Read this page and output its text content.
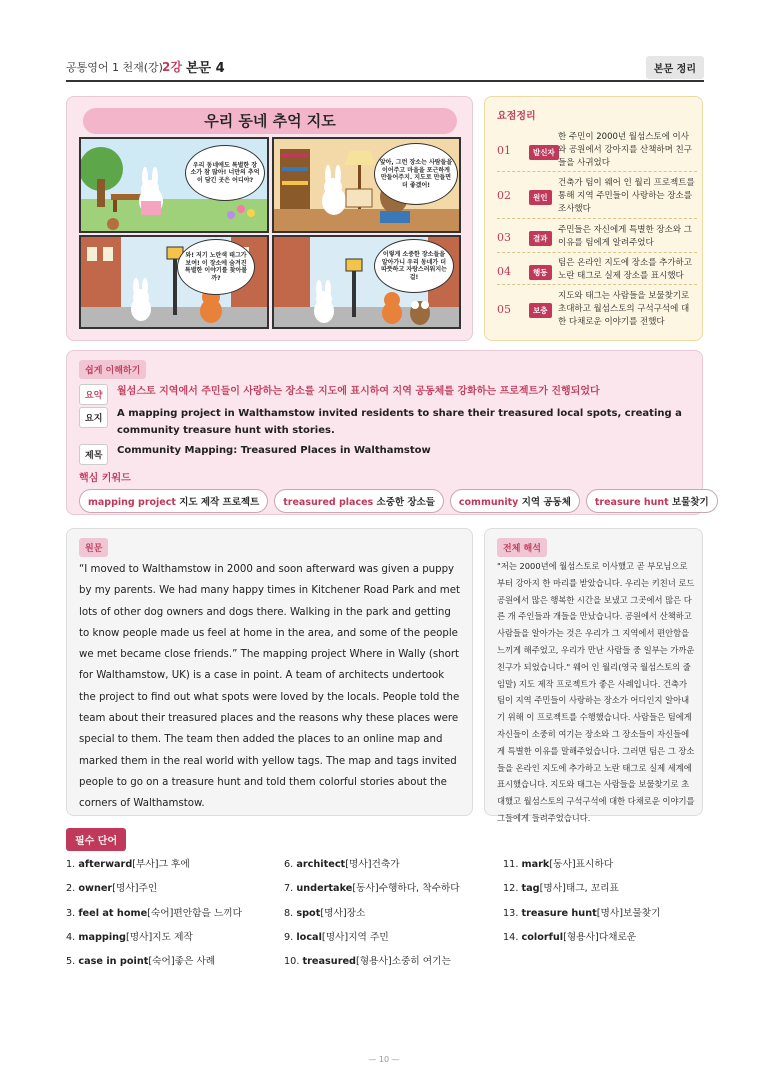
공통영어 1 천재(강) 2강 본문 4	본문 정리
우리 동네 추억 지도
우리 동네에도 특별한 장소가 참 많아! 너만의 추억이 담긴 곳은 어디야?
앞아, 그런 장소는 사람들을 이어주고 마을을 포근하게 만들어주지. 지도로 만들면 더 좋겠어!
와! 저기 노란색 태그가 보여! 이 장소에 숨겨진 특별한 이야기를 찾아볼까?
이렇게 소중한 장소들을 알아가니 우리 동네가 더 따뜻하고 자랑스러워지는걸!
요점정리
01	발신자
한 주민이 2000년 월섬스토에 이사 와 공원에서 강아지를 산책하며 친구들을 사귀었다
02	원인
건축가 팀이 웨어 인 월리 프로젝트를 통해 지역 주민들이 사랑하는 장소를 조사했다
03	결과
주민들은 자신에게 특별한 장소와 그 이유를 팀에게 알려주었다
04	행동
팀은 온라인 지도에 장소를 추가하고 노란 태그로 실제 장소를 표시했다
05	보충
지도와 태그는 사람들을 보물찾기로 초대하고 월섬스토의 구석구석에 대한 다채로운 이야기를 전했다
쉽게 이해하기
요약	월섬스토 지역에서 주민들이 사랑하는 장소를 지도에 표시하여 지역 공동체를 강화하는 프로젝트가 진행되었다
요지	A mapping project in Walthamstow invited residents to share their treasured local spots, creating a community treasure hunt with stories.
제목	Community Mapping: Treasured Places in Walthamstow
핵심 키워드
mapping project 지도 제작 프로젝트	treasured places 소중한 장소들	community 지역 공동체	treasure hunt 보물찾기
원문
“I moved to Walthamstow in 2000 and soon afterward was given a puppy by my parents. We had many happy times in Kitchener Road Park and met lots of other dog owners and dogs there. Walking in the park and getting to know people made us feel at home in the area, and some of the people we met became close friends.” The mapping project Where in Wally (short for Walthamstow, UK) is a case in point. A team of architects undertook the project to find out what spots were loved by the locals. People told the team about their treasured places and the reasons why these places were special to them. The team then added the places to an online map and marked them in the real world with yellow tags. The map and tags invited people to go on a treasure hunt and told them colorful stories about the corners of Walthamstow.
전체 해석
"저는 2000년에 월섬스토로 이사했고 곧 부모님으로부터 강아지 한 마리를 받았습니다. 우리는 키친너 로드 공원에서 많은 행복한 시간을 보냈고 그곳에서 많은 다른 개 주인들과 개들을 만났습니다. 공원에서 산책하고 사람들을 알아가는 것은 우리가 그 지역에서 편안함을 느끼게 해주었고, 우리가 만난 사람들 중 일부는 가까운 친구가 되었습니다." 웨어 인 월리(영국 월섬스토의 줄임말) 지도 제작 프로젝트가 좋은 사례입니다. 건축가 팀이 지역 주민들이 사랑하는 장소가 어디인지 알아내기 위해 이 프로젝트를 수행했습니다. 사람들은 팀에게 자신들이 소중히 여기는 장소와 그 장소들이 자신들에게 특별한 이유를 말해주었습니다. 그러면 팀은 그 장소들을 온라인 지도에 추가하고 노란 태그로 실제 세계에 표시했습니다. 지도와 태그는 사람들을 보물찾기로 초대했고 월섬스토의 구석구석에 대한 다채로운 이야기를 그들에게 들려주었습니다.
필수 단어
1. afterward[부사]그 후에
2. owner[명사]주인
3. feel at home[숙어]편안함을 느끼다
4. mapping[명사]지도 제작
5. case in point[숙어]좋은 사례
6. architect[명사]건축가
7. undertake[동사]수행하다, 착수하다
8. spot[명사]장소
9. local[명사]지역 주민
10. treasured[형용사]소중히 여기는
11. mark[동사]표시하다
12. tag[명사]태그, 꼬리표
13. treasure hunt[명사]보물찾기
14. colorful[형용사]다채로운
— 10 —
